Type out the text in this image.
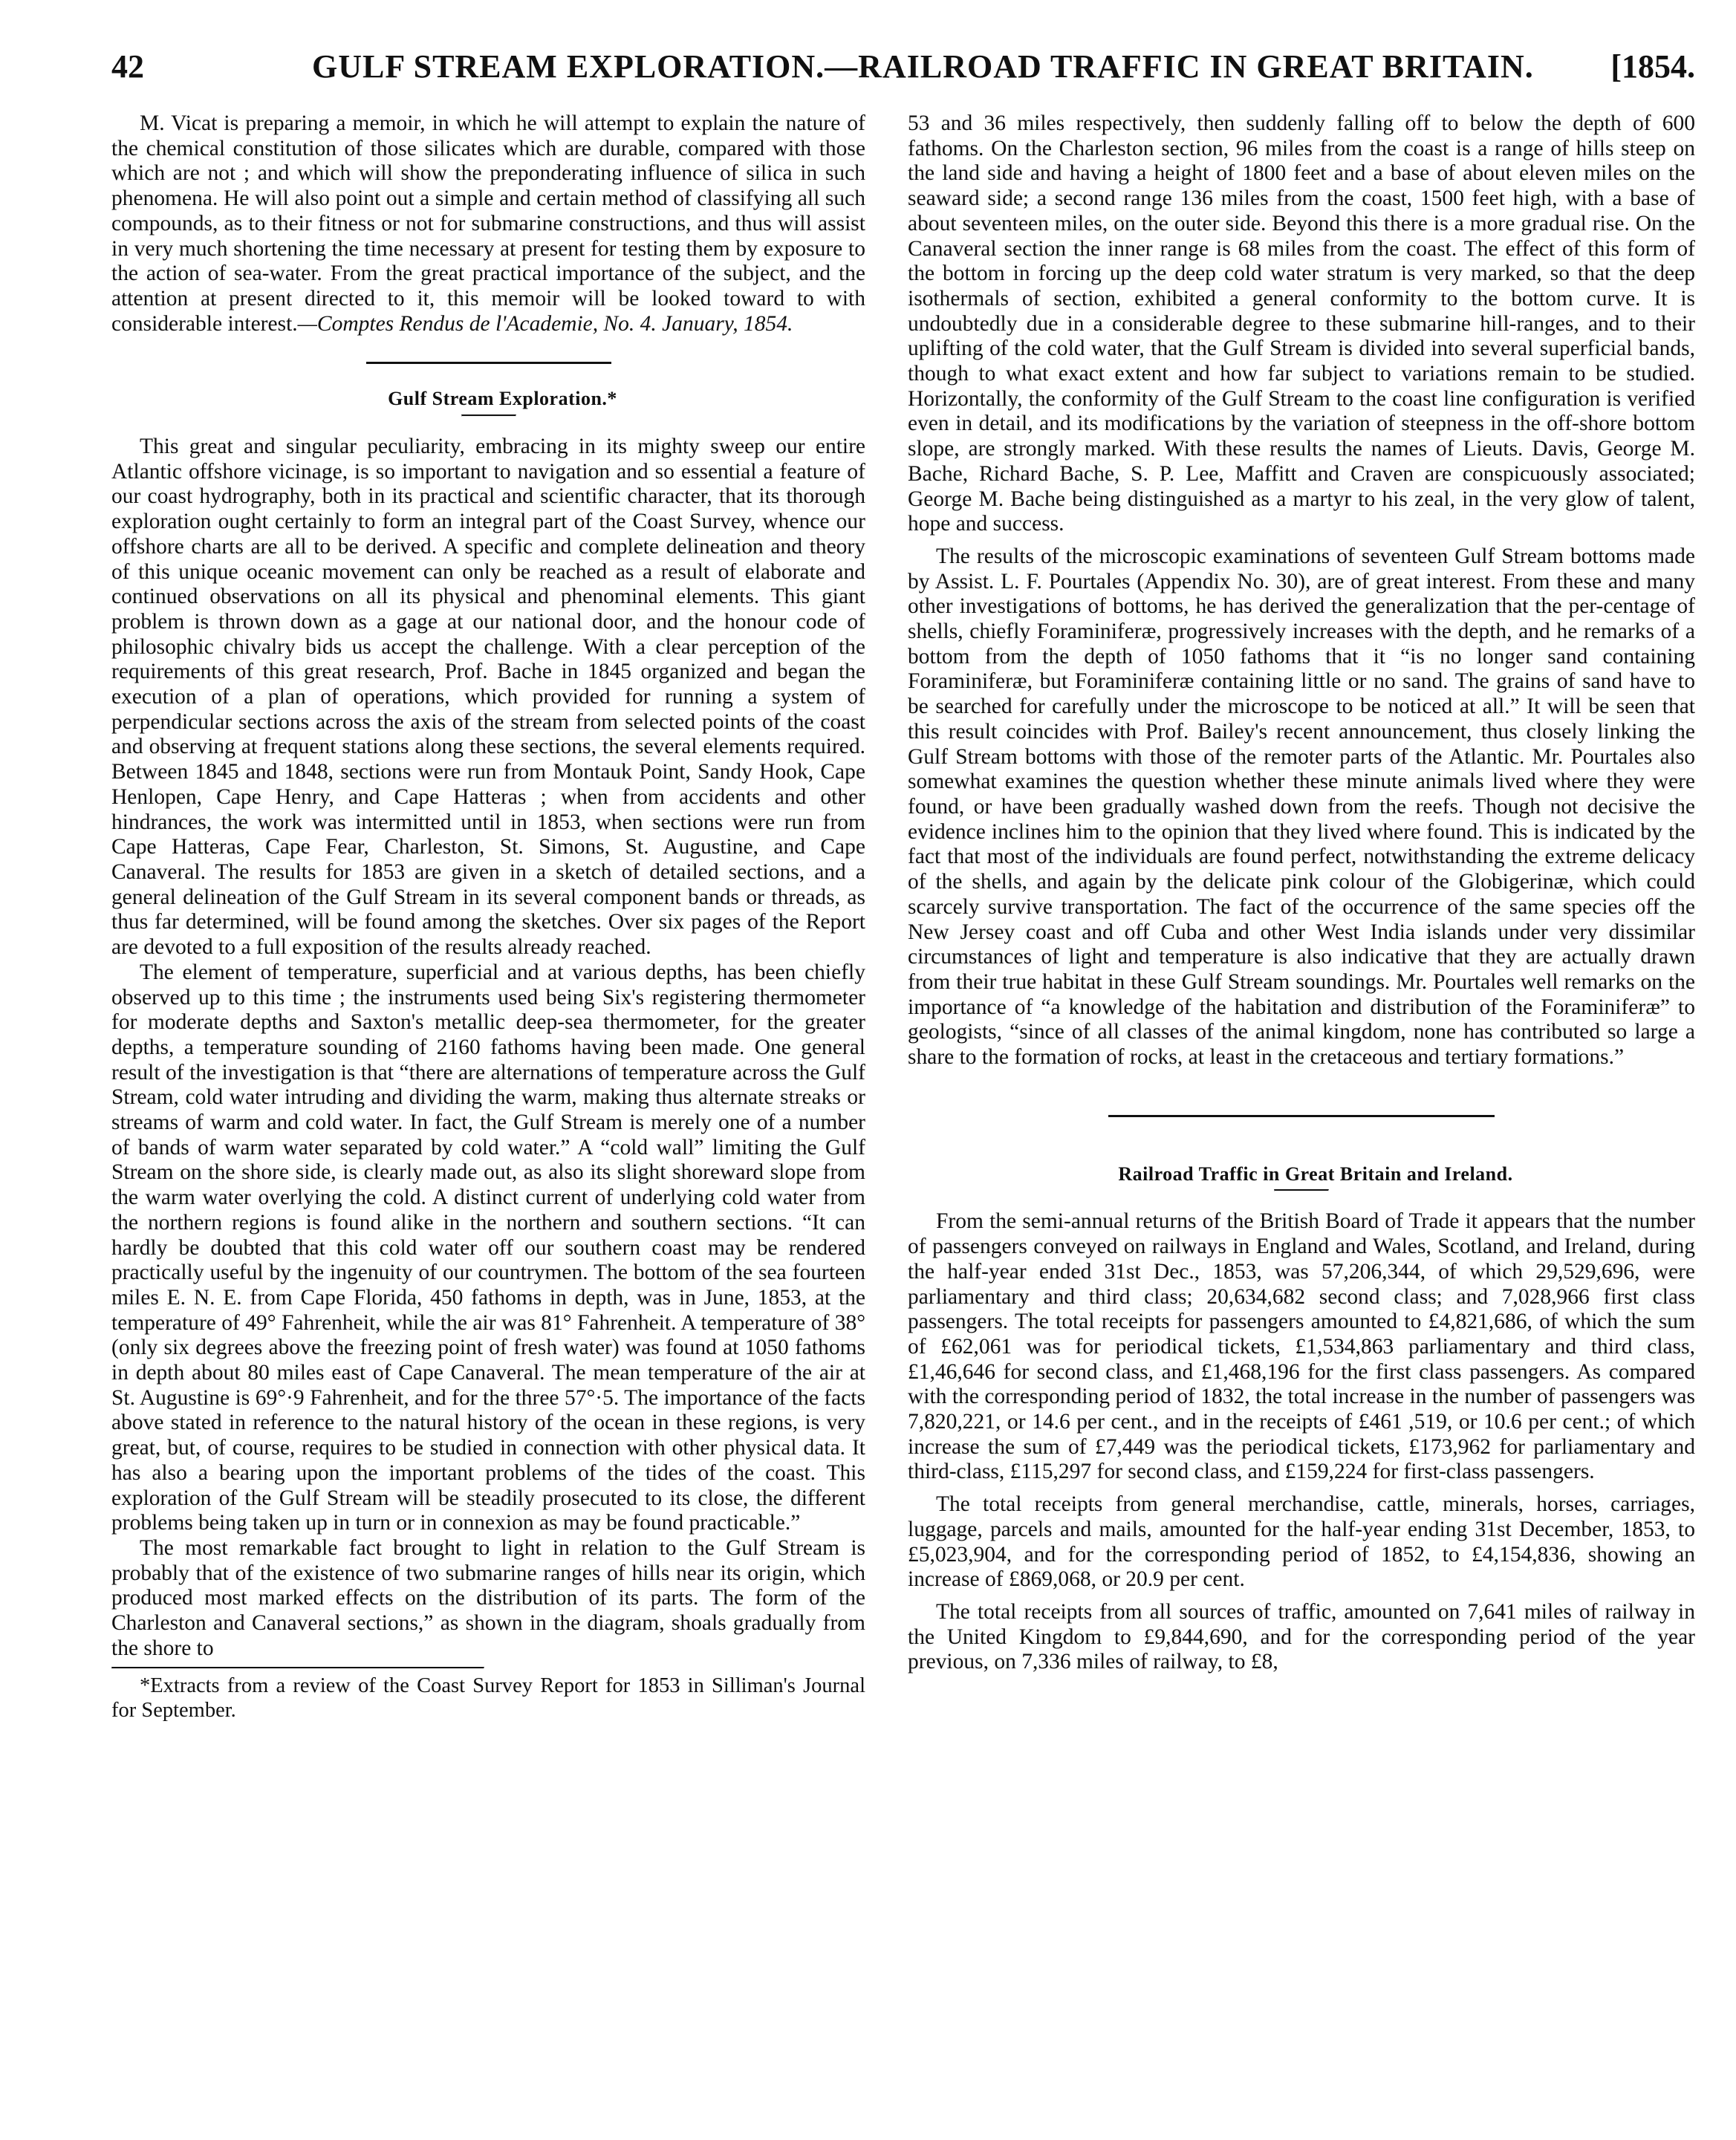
42	GULF STREAM EXPLORATION.—RAILROAD TRAFFIC IN GREAT BRITAIN. [1854.

M. Vicat is preparing a memoir, in which he will attempt to explain the nature of the chemical constitution of those silicates which are durable, compared with those which are not ; and which will show the preponderating influence of silica in such phenomena. He will also point out a simple and certain method of classifying all such compounds, as to their fitness or not for submarine constructions, and thus will assist in very much shortening the time necessary at present for testing them by exposure to the action of sea-water. From the great practical importance of the subject, and the attention at present directed to it, this memoir will be looked toward to with considerable interest.—Comptes Rendus de l'Academie, No. 4. January, 1854.

Gulf Stream Exploration.*

This great and singular peculiarity, embracing in its mighty sweep our entire Atlantic offshore vicinage, is so important to navigation and so essential a feature of our coast hydrography, both in its practical and scientific character, that its thorough exploration ought certainly to form an integral part of the Coast Survey, whence our offshore charts are all to be derived. A specific and complete delineation and theory of this unique oceanic movement can only be reached as a result of elaborate and continued observations on all its physical and phenominal elements. This giant problem is thrown down as a gage at our national door, and the honour code of philosophic chivalry bids us accept the challenge. With a clear perception of the requirements of this great research, Prof. Bache in 1845 organized and began the execution of a plan of operations, which provided for running a system of perpendicular sections across the axis of the stream from selected points of the coast and observing at frequent stations along these sections, the several elements required. Between 1845 and 1848, sections were run from Montauk Point, Sandy Hook, Cape Henlopen, Cape Henry, and Cape Hatteras ; when from accidents and other hindrances, the work was intermitted until in 1853, when sections were run from Cape Hatteras, Cape Fear, Charleston, St. Simons, St. Augustine, and Cape Canaveral. The results for 1853 are given in a sketch of detailed sections, and a general delineation of the Gulf Stream in its several component bands or threads, as thus far determined, will be found among the sketches. Over six pages of the Report are devoted to a full exposition of the results already reached.

The element of temperature, superficial and at various depths, has been chiefly observed up to this time ; the instruments used being Six's registering thermometer for moderate depths and Saxton's metallic deep-sea thermometer, for the greater depths, a temperature sounding of 2160 fathoms having been made. One general result of the investigation is that “there are alternations of temperature across the Gulf Stream, cold water intruding and dividing the warm, making thus alternate streaks or streams of warm and cold water. In fact, the Gulf Stream is merely one of a number of bands of warm water separated by cold water.” A “cold wall” limiting the Gulf Stream on the shore side, is clearly made out, as also its slight shoreward slope from the warm water overlying the cold. A distinct current of underlying cold water from the northern regions is found alike in the northern and southern sections. “It can hardly be doubted that this cold water off our southern coast may be rendered practically useful by the ingenuity of our countrymen. The bottom of the sea fourteen miles E. N. E. from Cape Florida, 450 fathoms in depth, was in June, 1853, at the temperature of 49° Fahrenheit, while the air was 81° Fahrenheit. A temperature of 38° (only six degrees above the freezing point of fresh water) was found at 1050 fathoms in depth about 80 miles east of Cape Canaveral. The mean temperature of the air at St. Augustine is 69°·9 Fahrenheit, and for the three 57°·5. The importance of the facts above stated in reference to the natural history of the ocean in these regions, is very great, but, of course, requires to be studied in connection with other physical data. It has also a bearing upon the important problems of the tides of the coast. This exploration of the Gulf Stream will be steadily prosecuted to its close, the different problems being taken up in turn or in connexion as may be found practicable.”

The most remarkable fact brought to light in relation to the Gulf Stream is probably that of the existence of two submarine ranges of hills near its origin, which produced most marked effects on the distribution of its parts. The form of the Charleston and Canaveral sections,” as shown in the diagram, shoals gradually from the shore to

*Extracts from a review of the Coast Survey Report for 1853 in Silliman's Journal for September.

53 and 36 miles respectively, then suddenly falling off to below the depth of 600 fathoms. On the Charleston section, 96 miles from the coast is a range of hills steep on the land side and having a height of 1800 feet and a base of about eleven miles on the seaward side; a second range 136 miles from the coast, 1500 feet high, with a base of about seventeen miles, on the outer side. Beyond this there is a more gradual rise. On the Canaveral section the inner range is 68 miles from the coast. The effect of this form of the bottom in forcing up the deep cold water stratum is very marked, so that the deep isothermals of section, exhibited a general conformity to the bottom curve. It is undoubtedly due in a considerable degree to these submarine hill-ranges, and to their uplifting of the cold water, that the Gulf Stream is divided into several superficial bands, though to what exact extent and how far subject to variations remain to be studied. Horizontally, the conformity of the Gulf Stream to the coast line configuration is verified even in detail, and its modifications by the variation of steepness in the off-shore bottom slope, are strongly marked. With these results the names of Lieuts. Davis, George M. Bache, Richard Bache, S. P. Lee, Maffitt and Craven are conspicuously associated; George M. Bache being distinguished as a martyr to his zeal, in the very glow of talent, hope and success.

The results of the microscopic examinations of seventeen Gulf Stream bottoms made by Assist. L. F. Pourtales (Appendix No. 30), are of great interest. From these and many other investigations of bottoms, he has derived the generalization that the per-centage of shells, chiefly Foraminiferæ, progressively increases with the depth, and he remarks of a bottom from the depth of 1050 fathoms that it “is no longer sand containing Foraminiferæ, but Foraminiferæ containing little or no sand. The grains of sand have to be searched for carefully under the microscope to be noticed at all.” It will be seen that this result coincides with Prof. Bailey's recent announcement, thus closely linking the Gulf Stream bottoms with those of the remoter parts of the Atlantic. Mr. Pourtales also somewhat examines the question whether these minute animals lived where they were found, or have been gradually washed down from the reefs. Though not decisive the evidence inclines him to the opinion that they lived where found. This is indicated by the fact that most of the individuals are found perfect, notwithstanding the extreme delicacy of the shells, and again by the delicate pink colour of the Globigerinæ, which could scarcely survive transportation. The fact of the occurrence of the same species off the New Jersey coast and off Cuba and other West India islands under very dissimilar circumstances of light and temperature is also indicative that they are actually drawn from their true habitat in these Gulf Stream soundings. Mr. Pourtales well remarks on the importance of “a knowledge of the habitation and distribution of the Foraminiferæ” to geologists, “since of all classes of the animal kingdom, none has contributed so large a share to the formation of rocks, at least in the cretaceous and tertiary formations.”

Railroad Traffic in Great Britain and Ireland.

From the semi-annual returns of the British Board of Trade it appears that the number of passengers conveyed on railways in England and Wales, Scotland, and Ireland, during the half-year ended 31st Dec., 1853, was 57,206,344, of which 29,529,696, were parliamentary and third class; 20,634,682 second class; and 7,028,966 first class passengers. The total receipts for passengers amounted to £4,821,686, of which the sum of £62,061 was for periodical tickets, £1,534,863 parliamentary and third class, £1,46,646 for second class, and £1,468,196 for the first class passengers. As compared with the corresponding period of 1832, the total increase in the number of passengers was 7,820,221, or 14.6 per cent., and in the receipts of £461 ,519, or 10.6 per cent.; of which increase the sum of £7,449 was the periodical tickets, £173,962 for parliamentary and third-class, £115,297 for second class, and £159,224 for first-class passengers.

The total receipts from general merchandise, cattle, minerals, horses, carriages, luggage, parcels and mails, amounted for the half-year ending 31st December, 1853, to £5,023,904, and for the corresponding period of 1852, to £4,154,836, showing an increase of £869,068, or 20.9 per cent.

The total receipts from all sources of traffic, amounted on 7,641 miles of railway in the United Kingdom to £9,844,690, and for the corresponding period of the year previous, on 7,336 miles of railway, to £8,
